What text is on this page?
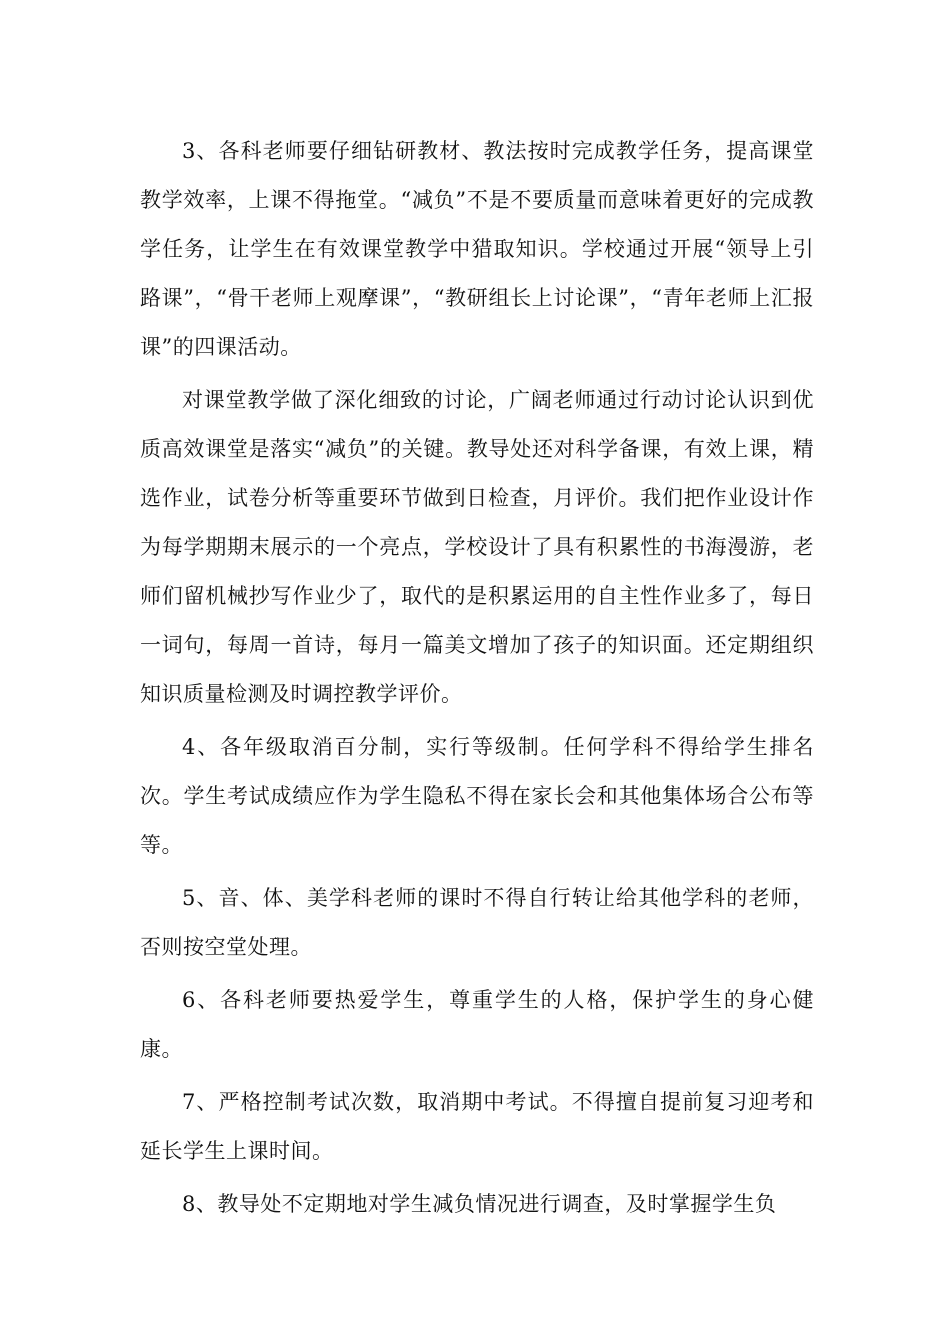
3、各科老师要仔细钻研教材、教法按时完成教学任务，提高课堂教学效率，上课不得拖堂。“减负”不是不要质量而意味着更好的完成教学任务，让学生在有效课堂教学中猎取知识。学校通过开展“领导上引路课”，“骨干老师上观摩课”，“教研组长上讨论课”，“青年老师上汇报课”的四课活动。

对课堂教学做了深化细致的讨论，广阔老师通过行动讨论认识到优质高效课堂是落实“减负”的关键。教导处还对科学备课，有效上课，精选作业，试卷分析等重要环节做到日检查，月评价。我们把作业设计作为每学期期末展示的一个亮点，学校设计了具有积累性的书海漫游，老师们留机械抄写作业少了，取代的是积累运用的自主性作业多了，每日一词句，每周一首诗，每月一篇美文增加了孩子的知识面。还定期组织知识质量检测及时调控教学评价。

4、各年级取消百分制，实行等级制。任何学科不得给学生排名次。学生考试成绩应作为学生隐私不得在家长会和其他集体场合公布等等。

5、音、体、美学科老师的课时不得自行转让给其他学科的老师，否则按空堂处理。

6、各科老师要热爱学生，尊重学生的人格，保护学生的身心健康。

7、严格控制考试次数，取消期中考试。不得擅自提前复习迎考和延长学生上课时间。

8、教导处不定期地对学生减负情况进行调查，及时掌握学生负
